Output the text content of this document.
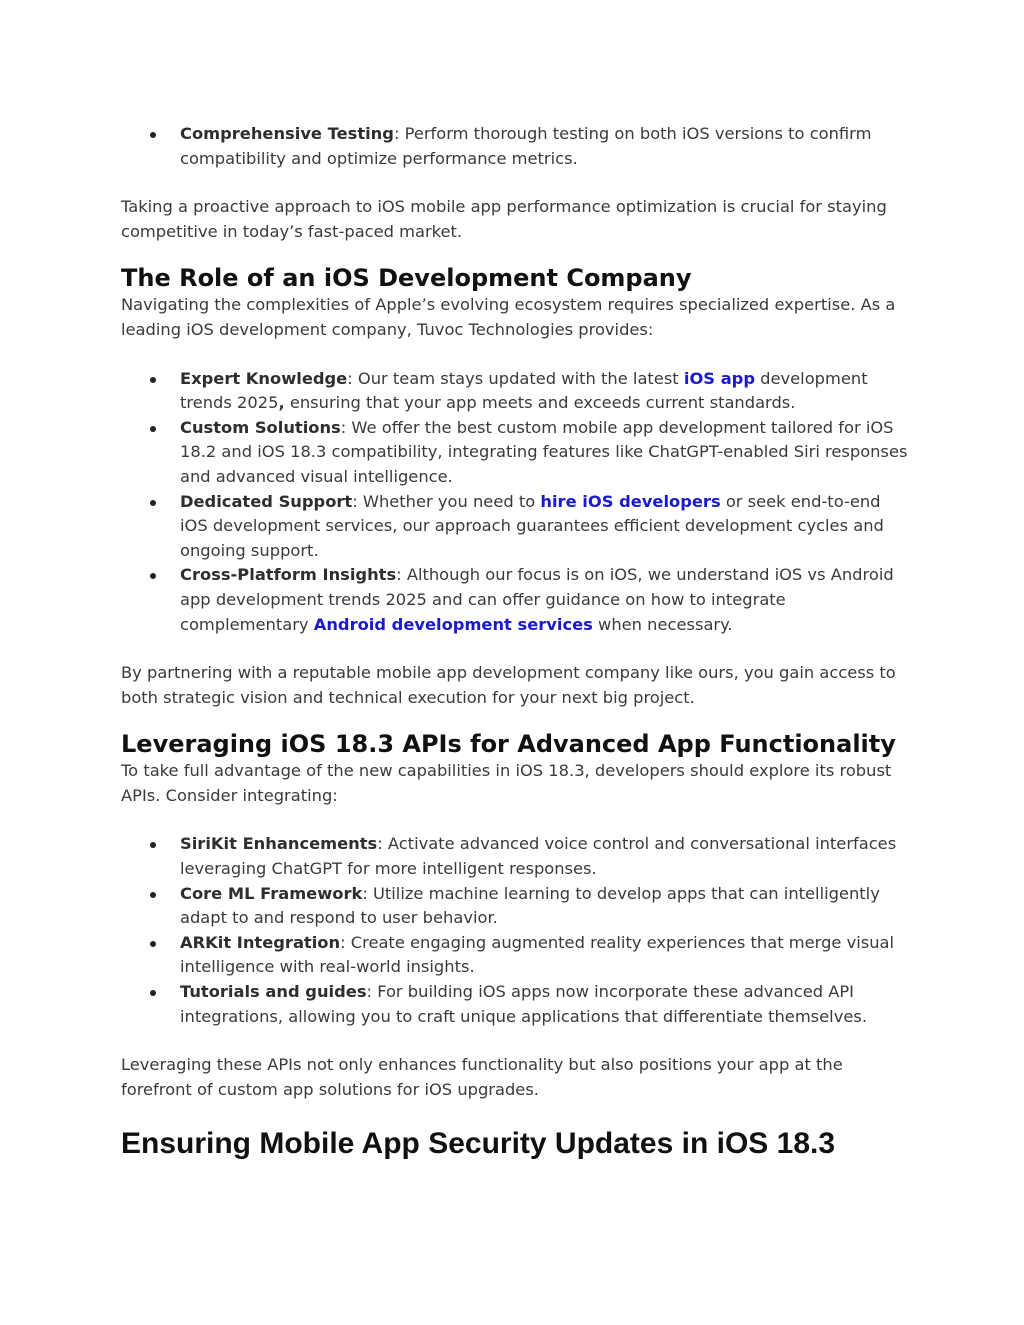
Comprehensive Testing: Perform thorough testing on both iOS versions to confirm compatibility and optimize performance metrics.

Taking a proactive approach to iOS mobile app performance optimization is crucial for staying competitive in today’s fast-paced market.

The Role of an iOS Development Company

Navigating the complexities of Apple’s evolving ecosystem requires specialized expertise. As a leading iOS development company, Tuvoc Technologies provides:

Expert Knowledge: Our team stays updated with the latest iOS app development trends 2025, ensuring that your app meets and exceeds current standards.
Custom Solutions: We offer the best custom mobile app development tailored for iOS 18.2 and iOS 18.3 compatibility, integrating features like ChatGPT-enabled Siri responses and advanced visual intelligence.
Dedicated Support: Whether you need to hire iOS developers or seek end-to-end iOS development services, our approach guarantees efficient development cycles and ongoing support.
Cross-Platform Insights: Although our focus is on iOS, we understand iOS vs Android app development trends 2025 and can offer guidance on how to integrate complementary Android development services when necessary.

By partnering with a reputable mobile app development company like ours, you gain access to both strategic vision and technical execution for your next big project.

Leveraging iOS 18.3 APIs for Advanced App Functionality

To take full advantage of the new capabilities in iOS 18.3, developers should explore its robust APIs. Consider integrating:

SiriKit Enhancements: Activate advanced voice control and conversational interfaces leveraging ChatGPT for more intelligent responses.
Core ML Framework: Utilize machine learning to develop apps that can intelligently adapt to and respond to user behavior.
ARKit Integration: Create engaging augmented reality experiences that merge visual intelligence with real-world insights.
Tutorials and guides: For building iOS apps now incorporate these advanced API integrations, allowing you to craft unique applications that differentiate themselves.

Leveraging these APIs not only enhances functionality but also positions your app at the forefront of custom app solutions for iOS upgrades.

Ensuring Mobile App Security Updates in iOS 18.3
